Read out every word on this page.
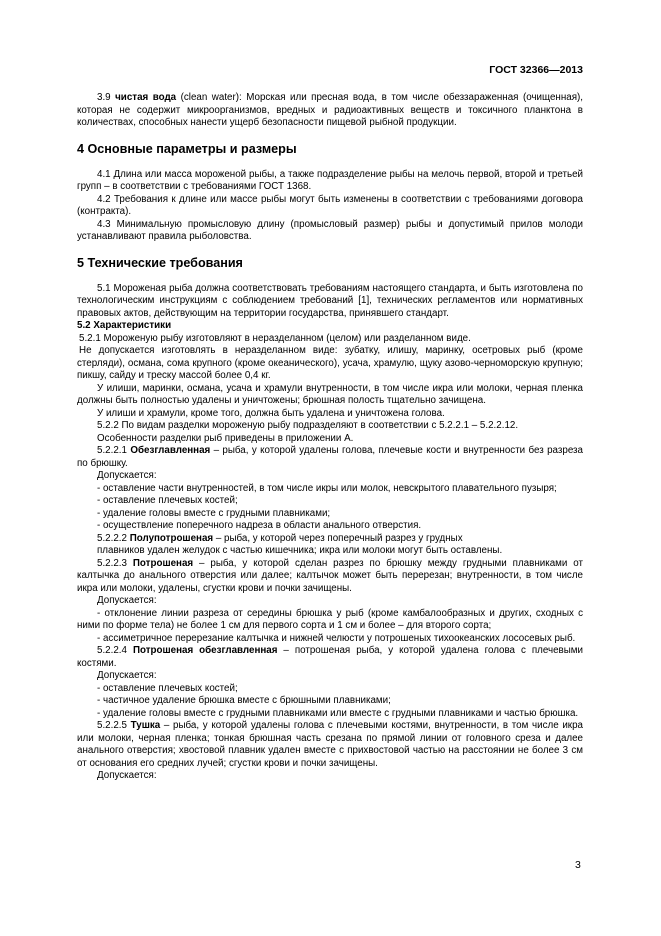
ГОСТ 32366—2013

3.9 чистая вода (clean water): Морская или пресная вода, в том числе обеззараженная (очищенная), которая не содержит микроорганизмов, вредных и радиоактивных веществ и токсичного планктона в количествах, способных нанести ущерб безопасности пищевой рыбной продукции.

4 Основные параметры и размеры

4.1 Длина или масса мороженой рыбы, а также подразделение рыбы на мелочь первой, второй и третьей групп – в соответствии с требованиями ГОСТ 1368.

4.2 Требования к длине или массе рыбы могут быть изменены в соответствии с требованиями договора (контракта).

4.3 Минимальную промысловую длину (промысловый размер) рыбы и допустимый прилов молоди устанавливают правила рыболовства.

5 Технические требования

5.1 Мороженая рыба должна соответствовать требованиям настоящего стандарта, и быть изготовлена по технологическим инструкциям с соблюдением требований [1], технических регламентов или нормативных правовых актов, действующим на территории государства, принявшего стандарт.

5.2 Характеристики

5.2.1 Мороженую рыбу изготовляют в неразделанном (целом) или разделанном виде.

Не допускается изготовлять в неразделанном виде: зубатку, илишу, маринку, осетровых рыб (кроме стерляди), османа, сома крупного (кроме океанического), усача, храмулю, щуку азово-черноморскую крупную; пикшу, сайду и треску массой более 0,4 кг.

У илиши, маринки, османа, усача и храмули внутренности, в том числе икра или молоки, черная пленка должны быть полностью удалены и уничтожены; брюшная полость тщательно зачищена.

У илиши и храмули, кроме того, должна быть удалена и уничтожена голова.

5.2.2 По видам разделки мороженую рыбу подразделяют в соответствии с 5.2.2.1 – 5.2.2.12.

Особенности разделки рыб приведены в приложении А.

5.2.2.1 Обезглавленная – рыба, у которой удалены голова, плечевые кости и внутренности без разреза по брюшку.

Допускается:

- оставление части внутренностей, в том числе икры или молок, невскрытого плавательного пузыря;

- оставление плечевых костей;

- удаление головы вместе с грудными плавниками;

- осуществление поперечного надреза в области анального отверстия.

5.2.2.2 Полупотрошеная – рыба, у которой через поперечный разрез у грудных

плавников удален желудок с частью кишечника; икра или молоки могут быть оставлены.

5.2.2.3 Потрошеная – рыба, у которой сделан разрез по брюшку между грудными плавниками от калтычка до анального отверстия или далее; калтычок может быть перерезан; внутренности, в том числе икра или молоки, удалены, сгустки крови и почки зачищены.

Допускается:

- отклонение линии разреза от середины брюшка у рыб (кроме камбалообразных и других, сходных с ними по форме тела) не более 1 см для первого сорта и 1 см и более – для второго сорта;

- ассиметричное перерезание калтычка и нижней челюсти у потрошеных тихоокеанских лососевых рыб.

5.2.2.4 Потрошеная обезглавленная – потрошеная рыба, у которой удалена голова с плечевыми костями.

Допускается:

- оставление плечевых костей;

- частичное удаление брюшка вместе с брюшными плавниками;

- удаление головы вместе с грудными плавниками или вместе с грудными плавниками и частью брюшка.

5.2.2.5 Тушка – рыба, у которой удалены голова с плечевыми костями, внутренности, в том числе икра или молоки, черная пленка; тонкая брюшная часть срезана по прямой линии от головного среза и далее анального отверстия; хвостовой плавник удален вместе с прихвостовой частью на расстоянии не более 3 см от основания его средних лучей; сгустки крови и почки зачищены.

Допускается:

3
